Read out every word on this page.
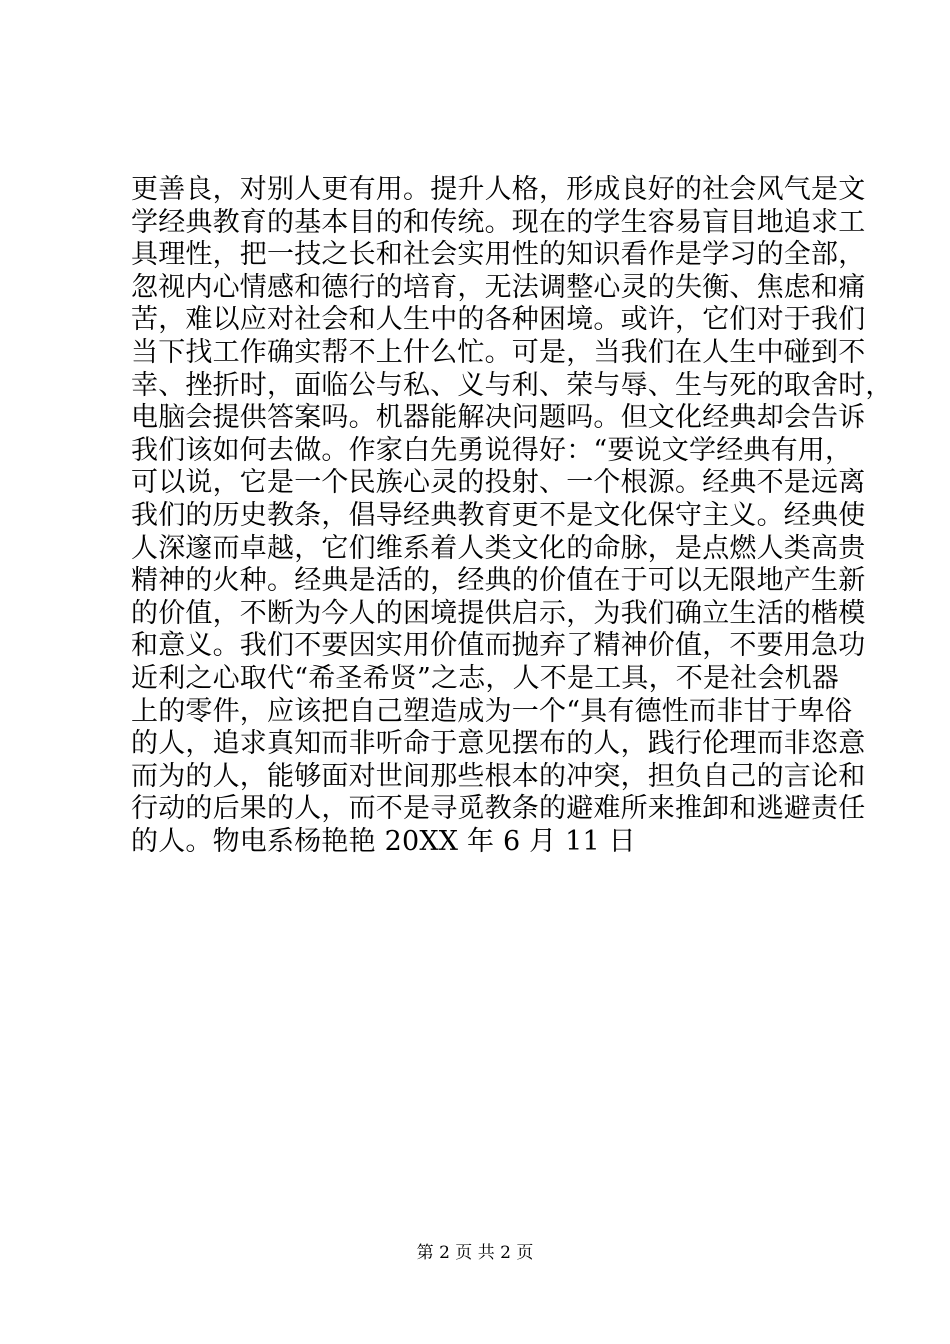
更善良，对别人更有用。提升人格，形成良好的社会风气是文
学经典教育的基本目的和传统。现在的学生容易盲目地追求工
具理性，把一技之长和社会实用性的知识看作是学习的全部，
忽视内心情感和德行的培育，无法调整心灵的失衡、焦虑和痛
苦，难以应对社会和人生中的各种困境。或许，它们对于我们
当下找工作确实帮不上什么忙。可是，当我们在人生中碰到不
幸、挫折时，面临公与私、义与利、荣与辱、生与死的取舍时，
电脑会提供答案吗。机器能解决问题吗。但文化经典却会告诉
我们该如何去做。作家白先勇说得好：“要说文学经典有用，
可以说，它是一个民族心灵的投射、一个根源。经典不是远离
我们的历史教条，倡导经典教育更不是文化保守主义。经典使
人深邃而卓越，它们维系着人类文化的命脉，是点燃人类高贵
精神的火种。经典是活的，经典的价值在于可以无限地产生新
的价值，不断为今人的困境提供启示，为我们确立生活的楷模
和意义。我们不要因实用价值而抛弃了精神价值，不要用急功
近利之心取代“希圣希贤”之志，人不是工具，不是社会机器
上的零件，应该把自己塑造成为一个“具有德性而非甘于卑俗
的人，追求真知而非听命于意见摆布的人，践行伦理而非恣意
而为的人，能够面对世间那些根本的冲突，担负自己的言论和
行动的后果的人，而不是寻觅教条的避难所来推卸和逃避责任
的人。物电系杨艳艳 20XX 年 6 月 11 日
第 2 页 共 2 页
